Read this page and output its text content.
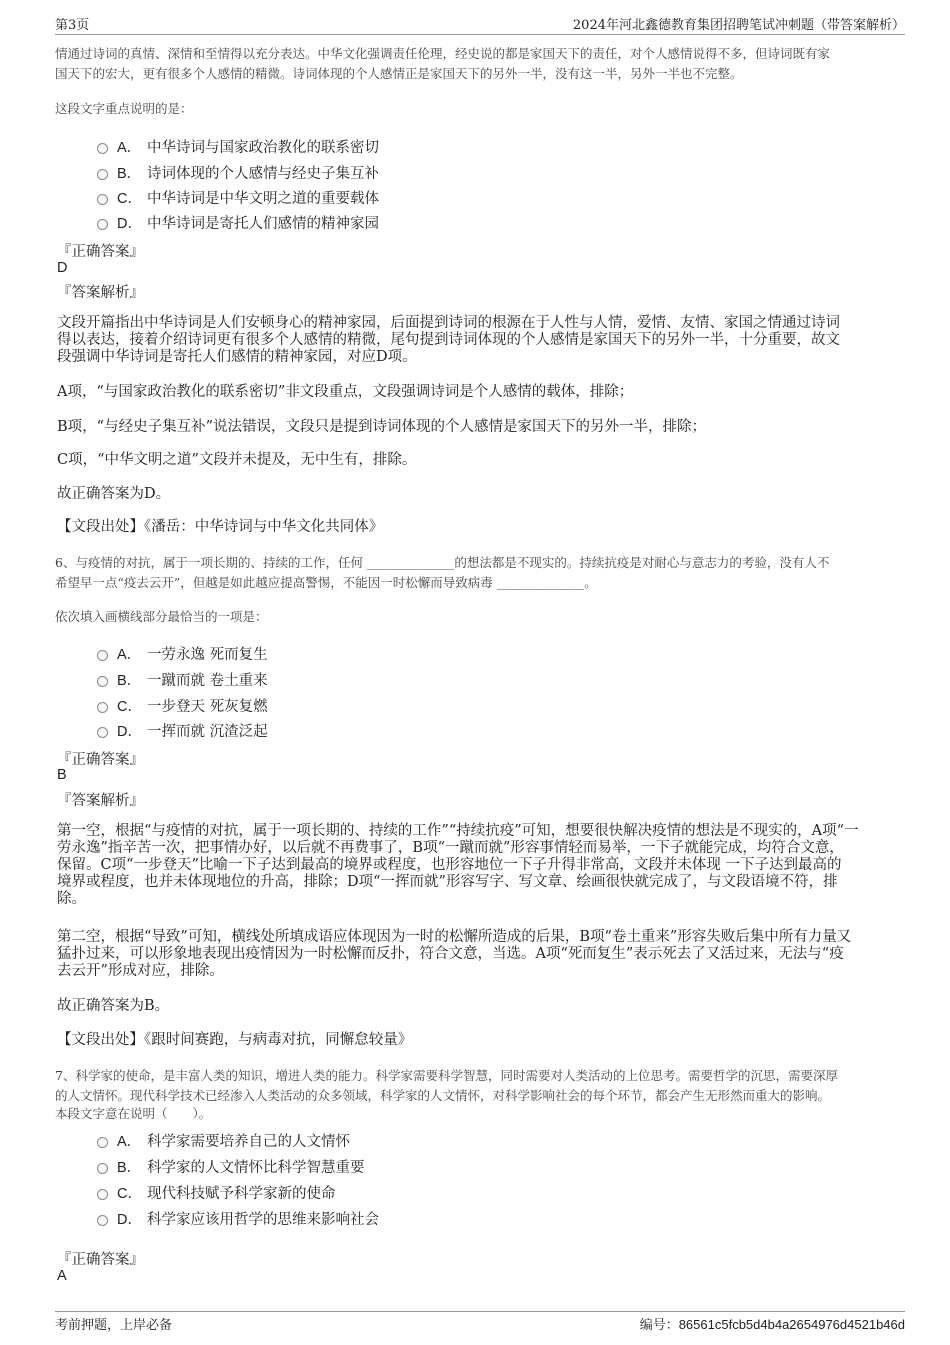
第3页	2024年河北鑫德教育集团招聘笔试冲刺题（带答案解析）
情通过诗词的真情、深情和至情得以充分表达。中华文化强调责任伦理，经史说的都是家国天下的责任，对个人感情说得不多，但诗词既有家
国天下的宏大，更有很多个人感情的精微。诗词体现的个人感情正是家国天下的另外一半，没有这一半，另外一半也不完整。
这段文字重点说明的是：
A． 中华诗词与国家政治教化的联系密切
B． 诗词体现的个人感情与经史子集互补
C． 中华诗词是中华文明之道的重要载体
D． 中华诗词是寄托人们感情的精神家园
『正确答案』
D
『答案解析』
文段开篇指出中华诗词是人们安顿身心的精神家园，后面提到诗词的根源在于人性与人情，爱情、友情、家国之情通过诗词
得以表达，接着介绍诗词更有很多个人感情的精微，尾句提到诗词体现的个人感情是家国天下的另外一半，十分重要，故文
段强调中华诗词是寄托人们感情的精神家园，对应D项。
A项，“与国家政治教化的联系密切”非文段重点，文段强调诗词是个人感情的载体，排除；
B项，“与经史子集互补”说法错误，文段只是提到诗词体现的个人感情是家国天下的另外一半，排除；
C项，“中华文明之道”文段并未提及，无中生有，排除。
故正确答案为D。
【文段出处】《潘岳：中华诗词与中华文化共同体》
6、与疫情的对抗，属于一项长期的、持续的工作，任何 ______________的想法都是不现实的。持续抗疫是对耐心与意志力的考验，没有人不
希望早一点“疫去云开”，但越是如此越应提高警惕，不能因一时松懈而导致病毒 ______________。
依次填入画横线部分最恰当的一项是：
A． 一劳永逸 死而复生
B． 一蹴而就 卷土重来
C． 一步登天 死灰复燃
D． 一挥而就 沉渣泛起
『正确答案』
B
『答案解析』
第一空，根据“与疫情的对抗，属于一项长期的、持续的工作”“持续抗疫”可知，想要很快解决疫情的想法是不现实的，A项“一
劳永逸”指辛苦一次，把事情办好，以后就不再费事了，B项“一蹴而就”形容事情轻而易举，一下子就能完成，均符合文意，
保留。C项“一步登天”比喻一下子达到最高的境界或程度，也形容地位一下子升得非常高，文段并未体现 一下子达到最高的
境界或程度，也并未体现地位的升高，排除；D项“一挥而就”形容写字、写文章、绘画很快就完成了，与文段语境不符，排
除。
第二空，根据“导致”可知，横线处所填成语应体现因为一时的松懈所造成的后果，B项“卷土重来”形容失败后集中所有力量又
猛扑过来，可以形象地表现出疫情因为一时松懈而反扑，符合文意，当选。A项“死而复生”表示死去了又活过来，无法与“疫
去云开”形成对应，排除。
故正确答案为B。
【文段出处】《跟时间赛跑，与病毒对抗，同懈怠较量》
7、科学家的使命，是丰富人类的知识，增进人类的能力。科学家需要科学智慧，同时需要对人类活动的上位思考。需要哲学的沉思，需要深厚
的人文情怀。现代科学技术已经渗入人类活动的众多领域，科学家的人文情怀，对科学影响社会的每个环节，都会产生无形然而重大的影响。
本段文字意在说明（　　）。
A． 科学家需要培养自己的人文情怀
B． 科学家的人文情怀比科学智慧重要
C． 现代科技赋予科学家新的使命
D． 科学家应该用哲学的思维来影响社会
『正确答案』
A
考前押题，上岸必备	编号：86561c5fcb5d4b4a2654976d4521b46d
